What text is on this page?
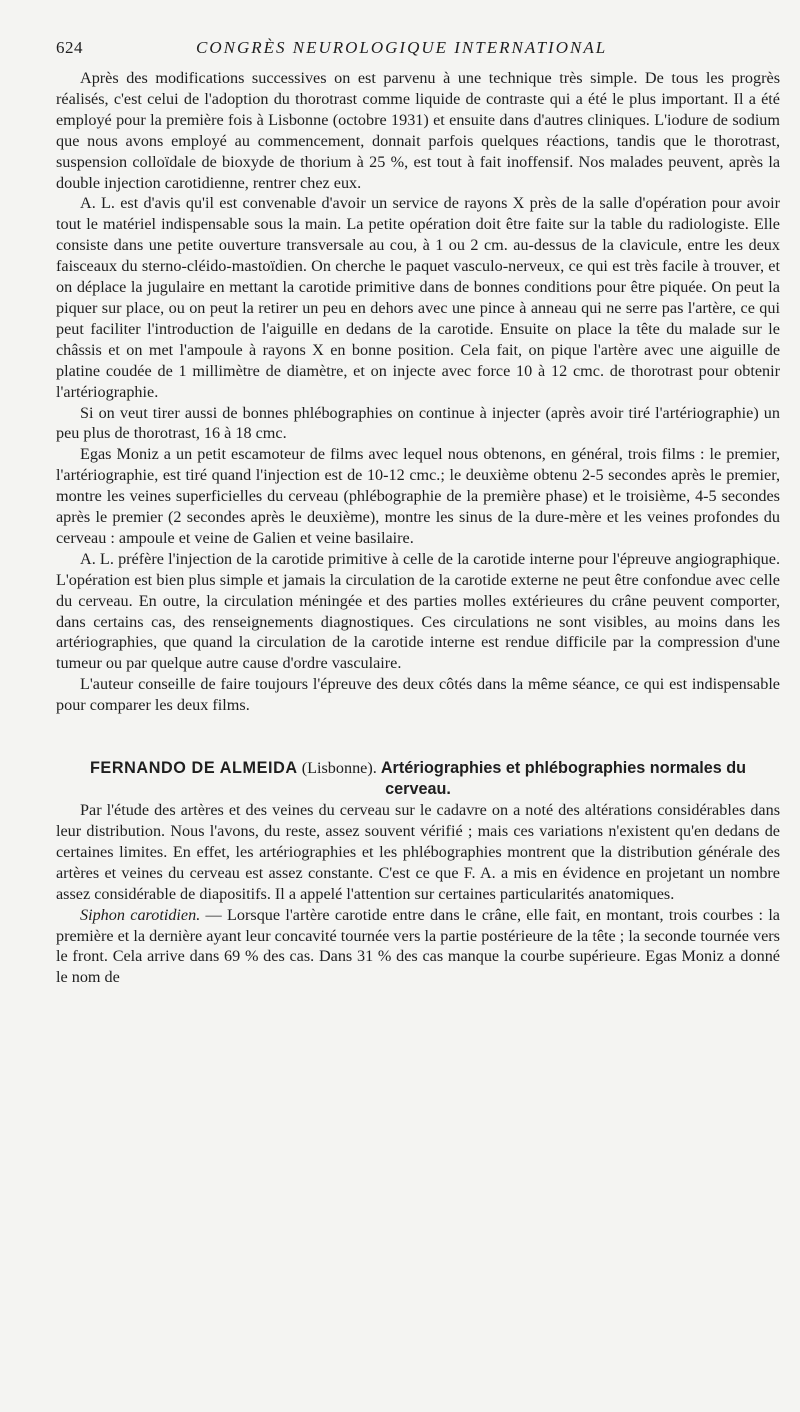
624	CONGRÈS NEUROLOGIQUE INTERNATIONAL

Après des modifications successives on est parvenu à une technique très simple. De tous les progrès réalisés, c'est celui de l'adoption du thorotrast comme liquide de contraste qui a été le plus important. Il a été employé pour la première fois à Lisbonne (octobre 1931) et ensuite dans d'autres cliniques. L'iodure de sodium que nous avons employé au commencement, donnait parfois quelques réactions, tandis que le thorotrast, suspension colloïdale de bioxyde de thorium à 25 %, est tout à fait inoffensif. Nos malades peuvent, après la double injection carotidienne, rentrer chez eux.

A. L. est d'avis qu'il est convenable d'avoir un service de rayons X près de la salle d'opération pour avoir tout le matériel indispensable sous la main. La petite opération doit être faite sur la table du radiologiste. Elle consiste dans une petite ouverture transversale au cou, à 1 ou 2 cm. au-dessus de la clavicule, entre les deux faisceaux du sterno-cléido-mastoïdien. On cherche le paquet vasculo-nerveux, ce qui est très facile à trouver, et on déplace la jugulaire en mettant la carotide primitive dans de bonnes conditions pour être piquée. On peut la piquer sur place, ou on peut la retirer un peu en dehors avec une pince à anneau qui ne serre pas l'artère, ce qui peut faciliter l'introduction de l'aiguille en dedans de la carotide. Ensuite on place la tête du malade sur le châssis et on met l'ampoule à rayons X en bonne position. Cela fait, on pique l'artère avec une aiguille de platine coudée de 1 millimètre de diamètre, et on injecte avec force 10 à 12 cmc. de thorotrast pour obtenir l'artériographie.

Si on veut tirer aussi de bonnes phlébographies on continue à injecter (après avoir tiré l'artériographie) un peu plus de thorotrast, 16 à 18 cmc.

Egas Moniz a un petit escamoteur de films avec lequel nous obtenons, en général, trois films : le premier, l'artériographie, est tiré quand l'injection est de 10-12 cmc.; le deuxième obtenu 2-5 secondes après le premier, montre les veines superficielles du cerveau (phlébographie de la première phase) et le troisième, 4-5 secondes après le premier (2 secondes après le deuxième), montre les sinus de la dure-mère et les veines profondes du cerveau : ampoule et veine de Galien et veine basilaire.

A. L. préfère l'injection de la carotide primitive à celle de la carotide interne pour l'épreuve angiographique. L'opération est bien plus simple et jamais la circulation de la carotide externe ne peut être confondue avec celle du cerveau. En outre, la circulation méningée et des parties molles extérieures du crâne peuvent comporter, dans certains cas, des renseignements diagnostiques. Ces circulations ne sont visibles, au moins dans les artériographies, que quand la circulation de la carotide interne est rendue difficile par la compression d'une tumeur ou par quelque autre cause d'ordre vasculaire.

L'auteur conseille de faire toujours l'épreuve des deux côtés dans la même séance, ce qui est indispensable pour comparer les deux films.

FERNANDO DE ALMEIDA (Lisbonne). Artériographies et phlébographies normales du cerveau.

Par l'étude des artères et des veines du cerveau sur le cadavre on a noté des altérations considérables dans leur distribution. Nous l'avons, du reste, assez souvent vérifié ; mais ces variations n'existent qu'en dedans de certaines limites. En effet, les artériographies et les phlébographies montrent que la distribution générale des artères et veines du cerveau est assez constante. C'est ce que F. A. a mis en évidence en projetant un nombre assez considérable de diapositifs. Il a appelé l'attention sur certaines particularités anatomiques.

Siphon carotidien. — Lorsque l'artère carotide entre dans le crâne, elle fait, en montant, trois courbes : la première et la dernière ayant leur concavité tournée vers la partie postérieure de la tête ; la seconde tournée vers le front. Cela arrive dans 69 % des cas. Dans 31 % des cas manque la courbe supérieure. Egas Moniz a donné le nom de
